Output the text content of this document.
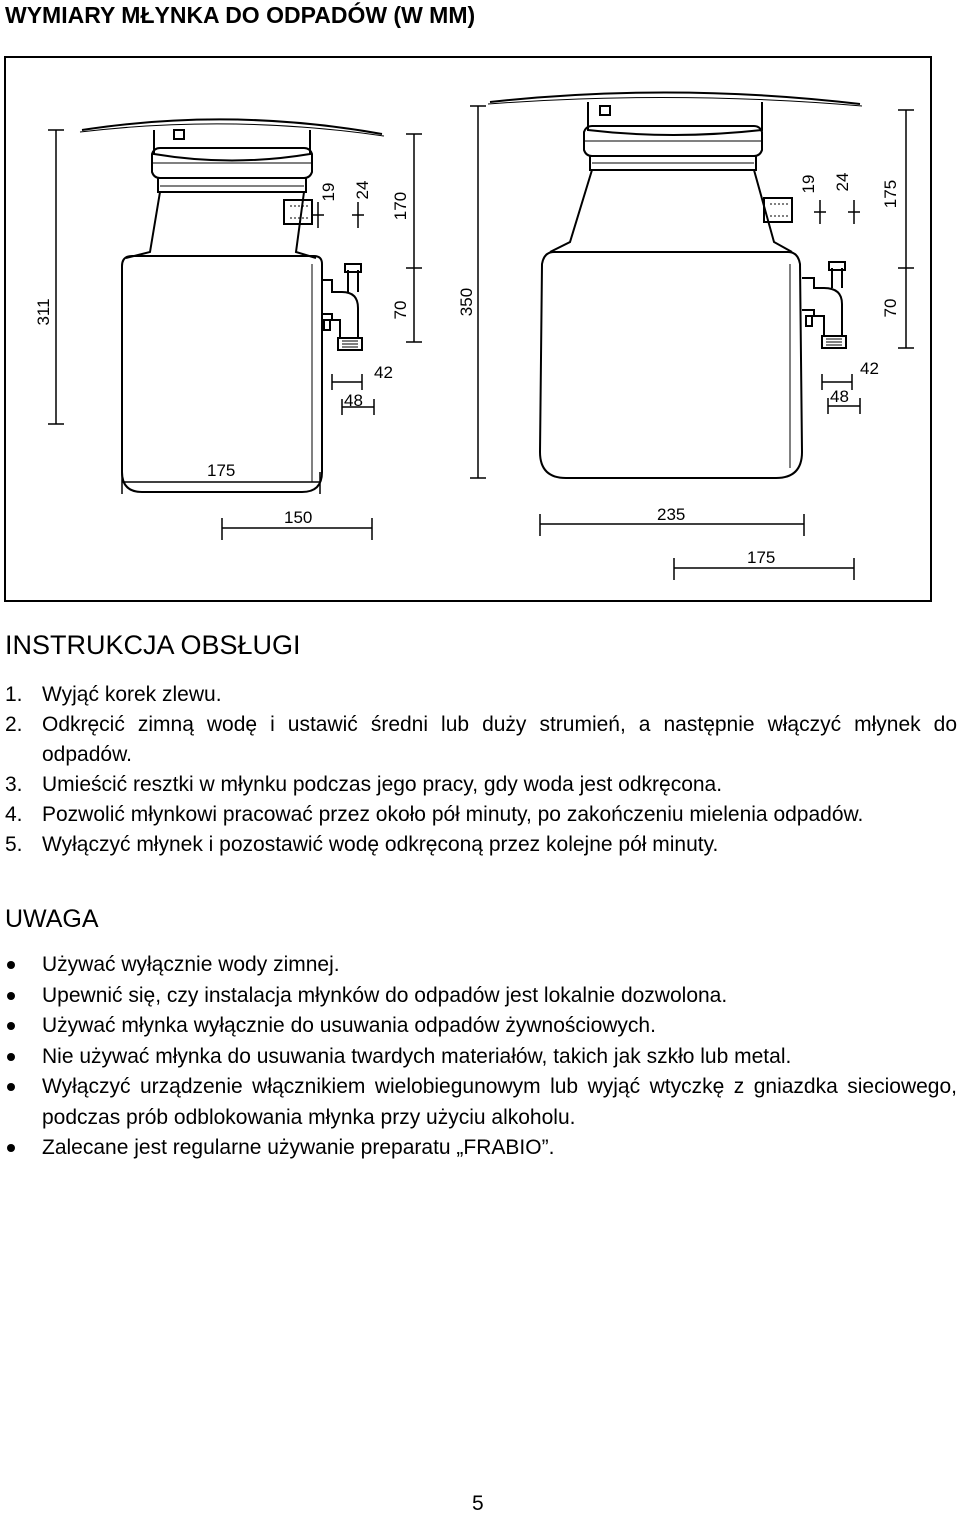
WYMIARY MŁYNKA DO ODPADÓW (W MM)
311
19 24
170
70
42
48
175
150
350
19 24 175
70
42
48
235
175
INSTRUKCJA OBSŁUGI
1. Wyjąć korek zlewu.
2. Odkręcić zimną wodę i ustawić średni lub duży strumień, a następnie włączyć młynek do odpadów.
3. Umieścić resztki w młynku podczas jego pracy, gdy woda jest odkręcona.
4. Pozwolić młynkowi pracować przez około pół minuty, po zakończeniu mielenia odpadów.
5. Wyłączyć młynek i pozostawić wodę odkręconą przez kolejne pół minuty.
UWAGA
Używać wyłącznie wody zimnej.
Upewnić się, czy instalacja młynków do odpadów jest lokalnie dozwolona.
Używać młynka wyłącznie do usuwania odpadów żywnościowych.
Nie używać młynka do usuwania twardych materiałów, takich jak szkło lub metal.
Wyłączyć urządzenie włącznikiem wielobiegunowym lub wyjąć wtyczkę z gniazdka sieciowego, podczas prób odblokowania młynka przy użyciu alkoholu.
Zalecane jest regularne używanie preparatu „FRABIO”.
5
